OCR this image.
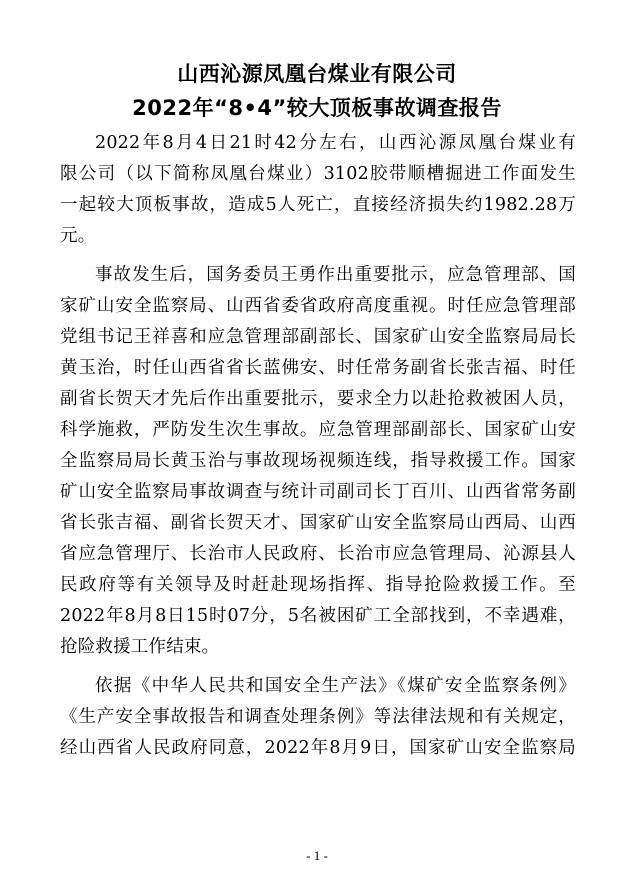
山西沁源凤凰台煤业有限公司
2022年“8•4”较大顶板事故调查报告
2022年8月4日21时42分左右，山西沁源凤凰台煤业有
限公司（以下简称凤凰台煤业）3102胶带顺槽掘进工作面发生
一起较大顶板事故，造成5人死亡，直接经济损失约1982.28万
元。
事故发生后，国务委员王勇作出重要批示，应急管理部、国
家矿山安全监察局、山西省委省政府高度重视。时任应急管理部
党组书记王祥喜和应急管理部副部长、国家矿山安全监察局局长
黄玉治，时任山西省省长蓝佛安、时任常务副省长张吉福、时任
副省长贺天才先后作出重要批示，要求全力以赴抢救被困人员，
科学施救，严防发生次生事故。应急管理部副部长、国家矿山安
全监察局局长黄玉治与事故现场视频连线，指导救援工作。国家
矿山安全监察局事故调查与统计司副司长丁百川、山西省常务副
省长张吉福、副省长贺天才、国家矿山安全监察局山西局、山西
省应急管理厅、长治市人民政府、长治市应急管理局、沁源县人
民政府等有关领导及时赶赴现场指挥、指导抢险救援工作。至
2022年8月8日15时07分，5名被困矿工全部找到，不幸遇难，
抢险救援工作结束。
依据《中华人民共和国安全生产法》《煤矿安全监察条例》
《生产安全事故报告和调查处理条例》等法律法规和有关规定，
经山西省人民政府同意，2022年8月9日，国家矿山安全监察局
- 1 -
